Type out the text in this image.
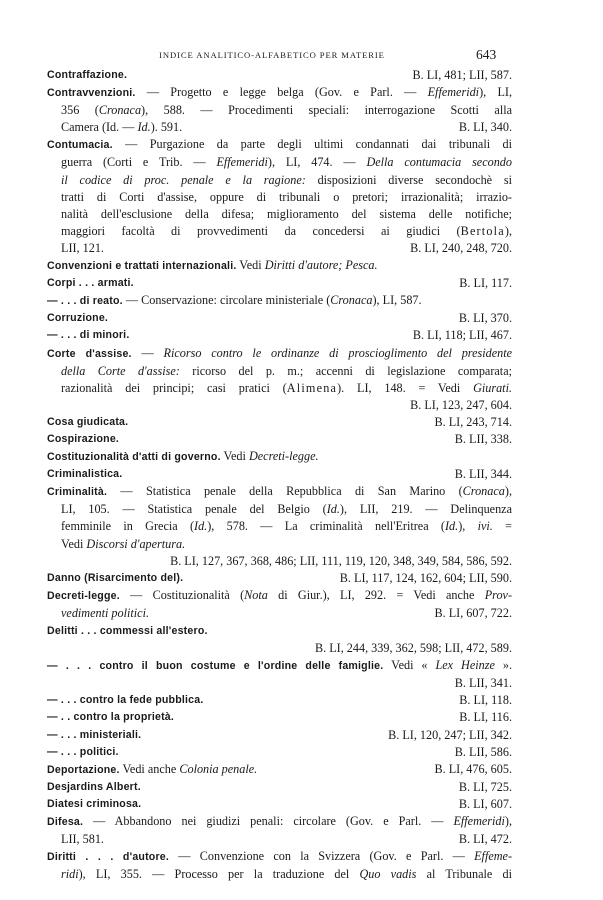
INDICE ANALITICO-ALFABETICO PER MATERIE	643
Contraffazione.	B. LI, 481; LII, 587.
Contravvenzioni. — Progetto e legge belga (Gov. e Parl. — Effemeridi), LI,
356 (Cronaca), 588. — Procedimenti speciali: interrogazione Scotti alla
Camera (Id. — Id.). 591.	B. LI, 340.
Contumacia. — Purgazione da parte degli ultimi condannati dai tribunali di
guerra (Corti e Trib. — Effemeridi), LI, 474. — Della contumacia secondo
il codice di proc. penale e la ragione: disposizioni diverse secondochè si
tratti di Corti d'assise, oppure di tribunali o pretori; irrazionalità; irrazio-
nalità dell'esclusione della difesa; miglioramento del sistema delle notifiche;
maggiori facoltà di provvedimenti da concedersi ai giudici (Bertola),
LII, 121.	B. LI, 240, 248, 720.
Convenzioni e trattati internazionali. Vedi Diritti d'autore; Pesca.
Corpi . . . armati.	B. LI, 117.
— . . . di reato. — Conservazione: circolare ministeriale (Cronaca), LI, 587.
Corruzione.	B. LI, 370.
— . . . di minori.	B. LI, 118; LII, 467.
Corte d'assise. — Ricorso contro le ordinanze di proscioglimento del presidente
della Corte d'assise: ricorso del p. m.; accenni di legislazione comparata;
razionalità dei principi; casi pratici (Alimena). LI, 148. = Vedi Giurati.
B. LI, 123, 247, 604.
Cosa giudicata.	B. LI, 243, 714.
Cospirazione.	B. LII, 338.
Costituzionalità d'atti di governo. Vedi Decreti-legge.
Criminalistica.	B. LII, 344.
Criminalità. — Statistica penale della Repubblica di San Marino (Cronaca),
LI, 105. — Statistica penale del Belgio (Id.), LII, 219. — Delinquenza
femminile in Grecia (Id.), 578. — La criminalità nell'Eritrea (Id.), ivi. =
Vedi Discorsi d'apertura.
B. LI, 127, 367, 368, 486; LII, 111, 119, 120, 348, 349, 584, 586, 592.
Danno (Risarcimento del).	B. LI, 117, 124, 162, 604; LII, 590.
Decreti-legge. — Costituzionalità (Nota di Giur.), LI, 292. = Vedi anche Prov-
vedimenti politici.	B. LI, 607, 722.
Delitti . . . commessi all'estero.
B. LI, 244, 339, 362, 598; LII, 472, 589.
— . . . contro il buon costume e l'ordine delle famiglie. Vedi « Lex Heinze ».
B. LII, 341.
— . . . contro la fede pubblica.	B. LI, 118.
— . . contro la proprietà.	B. LI, 116.
— . . . ministeriali.	B. LI, 120, 247; LII, 342.
— . . . politici.	B. LII, 586.
Deportazione. Vedi anche Colonia penale.	B. LI, 476, 605.
Desjardins Albert.	B. LI, 725.
Diatesi criminosa.	B. LI, 607.
Difesa. — Abbandono nei giudizi penali: circolare (Gov. e Parl. — Effemeridi),
LII, 581.	B. LI, 472.
Diritti . . . d'autore. — Convenzione con la Svizzera (Gov. e Parl. — Effeme-
ridi), LI, 355. — Processo per la traduzione del Quo vadis al Tribunale di
